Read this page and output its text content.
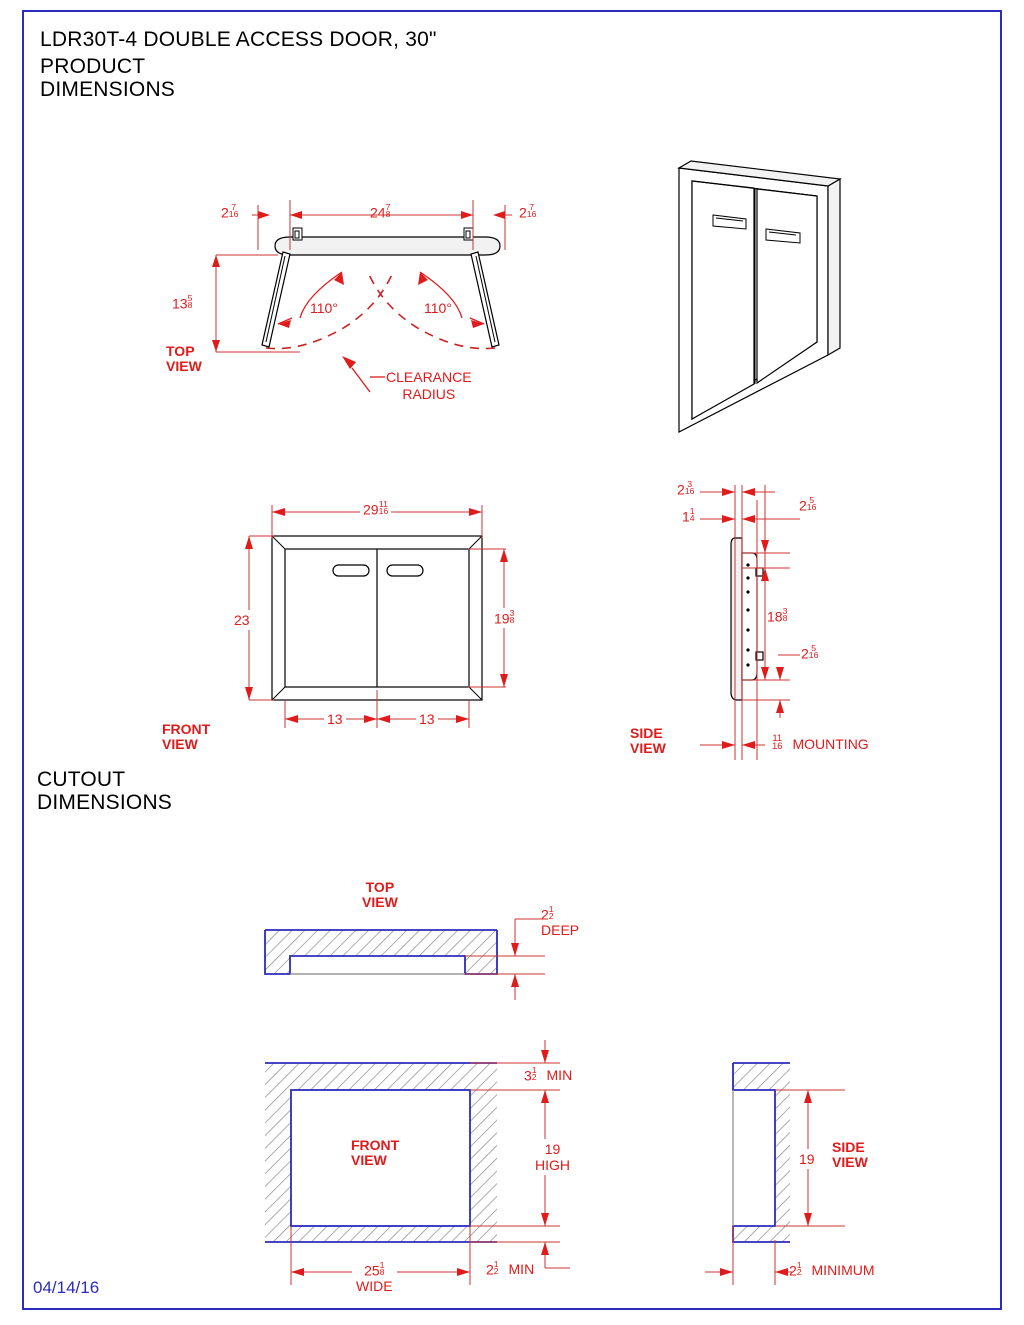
LDR30T-4 DOUBLE ACCESS DOOR, 30"
PRODUCT
DIMENSIONS
CUTOUT
DIMENSIONS
04/14/16
TOP
VIEW
2 7
16	24 7
8	2 7
16
13 5
8	110°	110°
CLEARANCE
RADIUS
FRONT
VIEW
29 11
16
23	19 3
8
13	13
SIDE
VIEW
2 3
16
1 1
4
2 5
16
18 3
8
2 5
16
11
16 MOUNTING
TOP
VIEW
2 1
2
DEEP
FRONT
VIEW
3 1
2 MIN
19
HIGH
2 1
2 MIN
25 1
8
WIDE
SIDE
VIEW
19
2 1
2 MINIMUM
